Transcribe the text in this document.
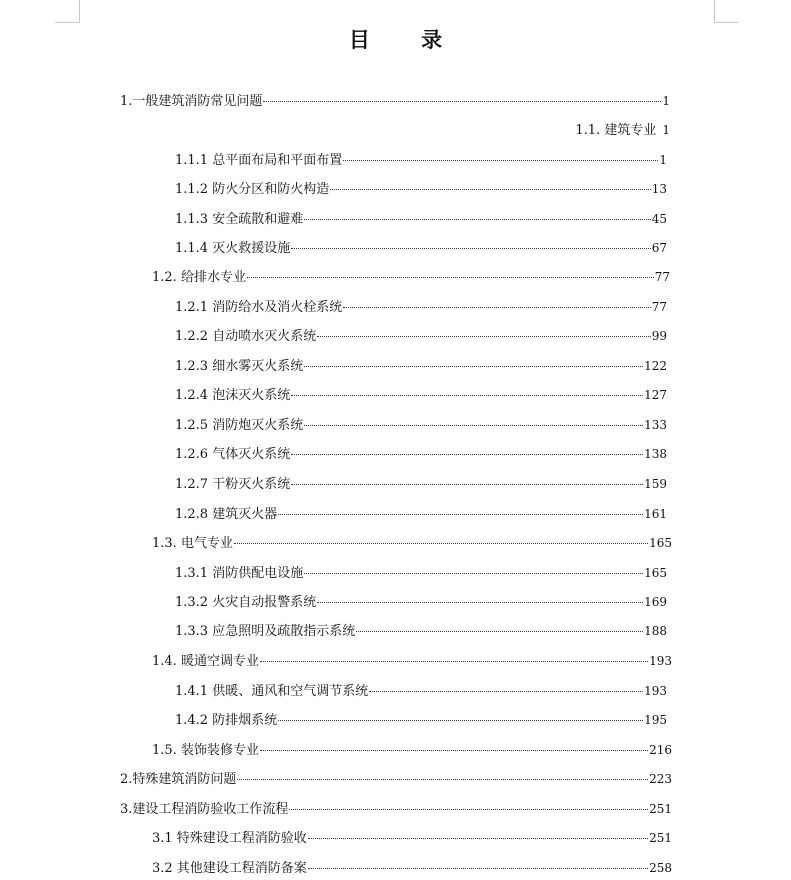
目 录
1.一般建筑消防常见问题	1
1.1. 建筑专业 1
1.1.1 总平面布局和平面布置	1
1.1.2 防火分区和防火构造	13
1.1.3 安全疏散和避难	45
1.1.4 灭火救援设施	67
1.2. 给排水专业	77
1.2.1 消防给水及消火栓系统	77
1.2.2 自动喷水灭火系统	99
1.2.3 细水雾灭火系统	122
1.2.4 泡沫灭火系统	127
1.2.5 消防炮灭火系统	133
1.2.6 气体灭火系统	138
1.2.7 干粉灭火系统	159
1.2.8 建筑灭火器	161
1.3. 电气专业	165
1.3.1 消防供配电设施	165
1.3.2 火灾自动报警系统	169
1.3.3 应急照明及疏散指示系统	188
1.4. 暖通空调专业	193
1.4.1 供暖、通风和空气调节系统	193
1.4.2 防排烟系统	195
1.5. 装饰装修专业	216
2.特殊建筑消防问题	223
3.建设工程消防验收工作流程	251
3.1 特殊建设工程消防验收	251
3.2 其他建设工程消防备案	258
